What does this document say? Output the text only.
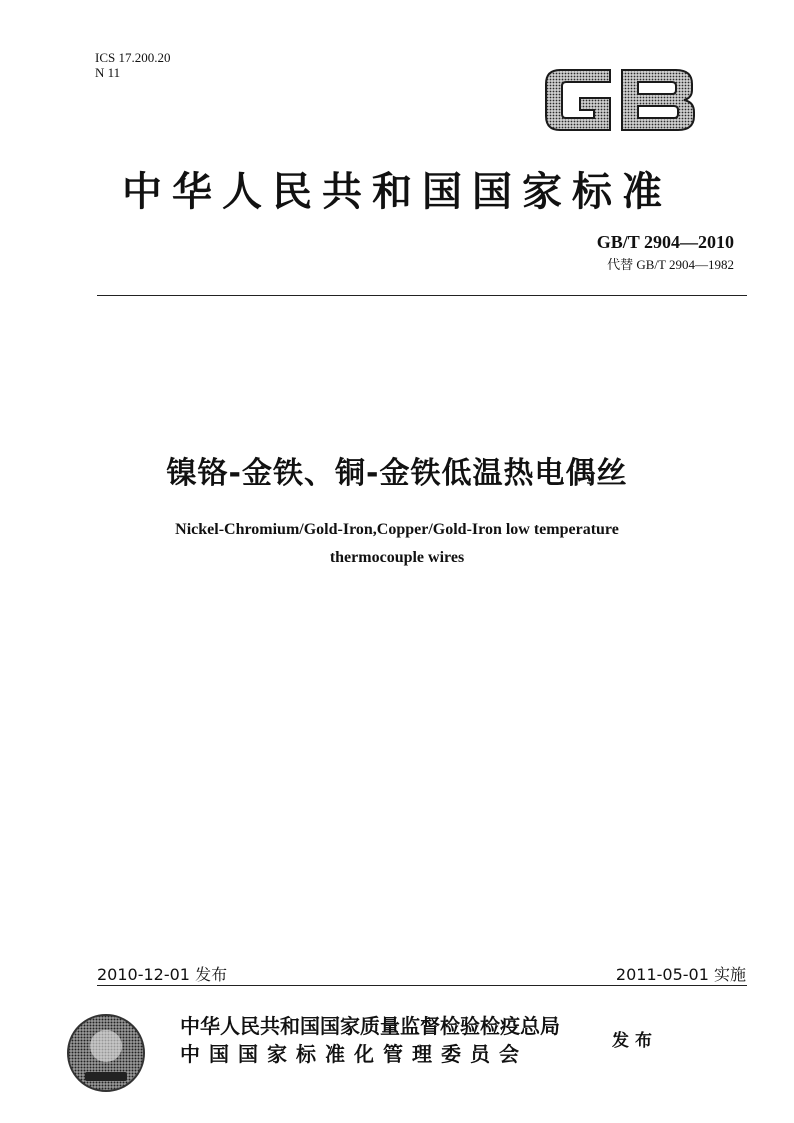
ICS 17.200.20
N 11
中华人民共和国国家标准
GB/T 2904—2010
代替 GB/T 2904—1982
镍铬-金铁、铜-金铁低温热电偶丝
Nickel-Chromium/Gold-Iron,Copper/Gold-Iron low temperature
thermocouple wires
2010-12-01 发布	2011-05-01 实施
中华人民共和国国家质量监督检验检疫总局
中国国家标准化管理委员会
发布
